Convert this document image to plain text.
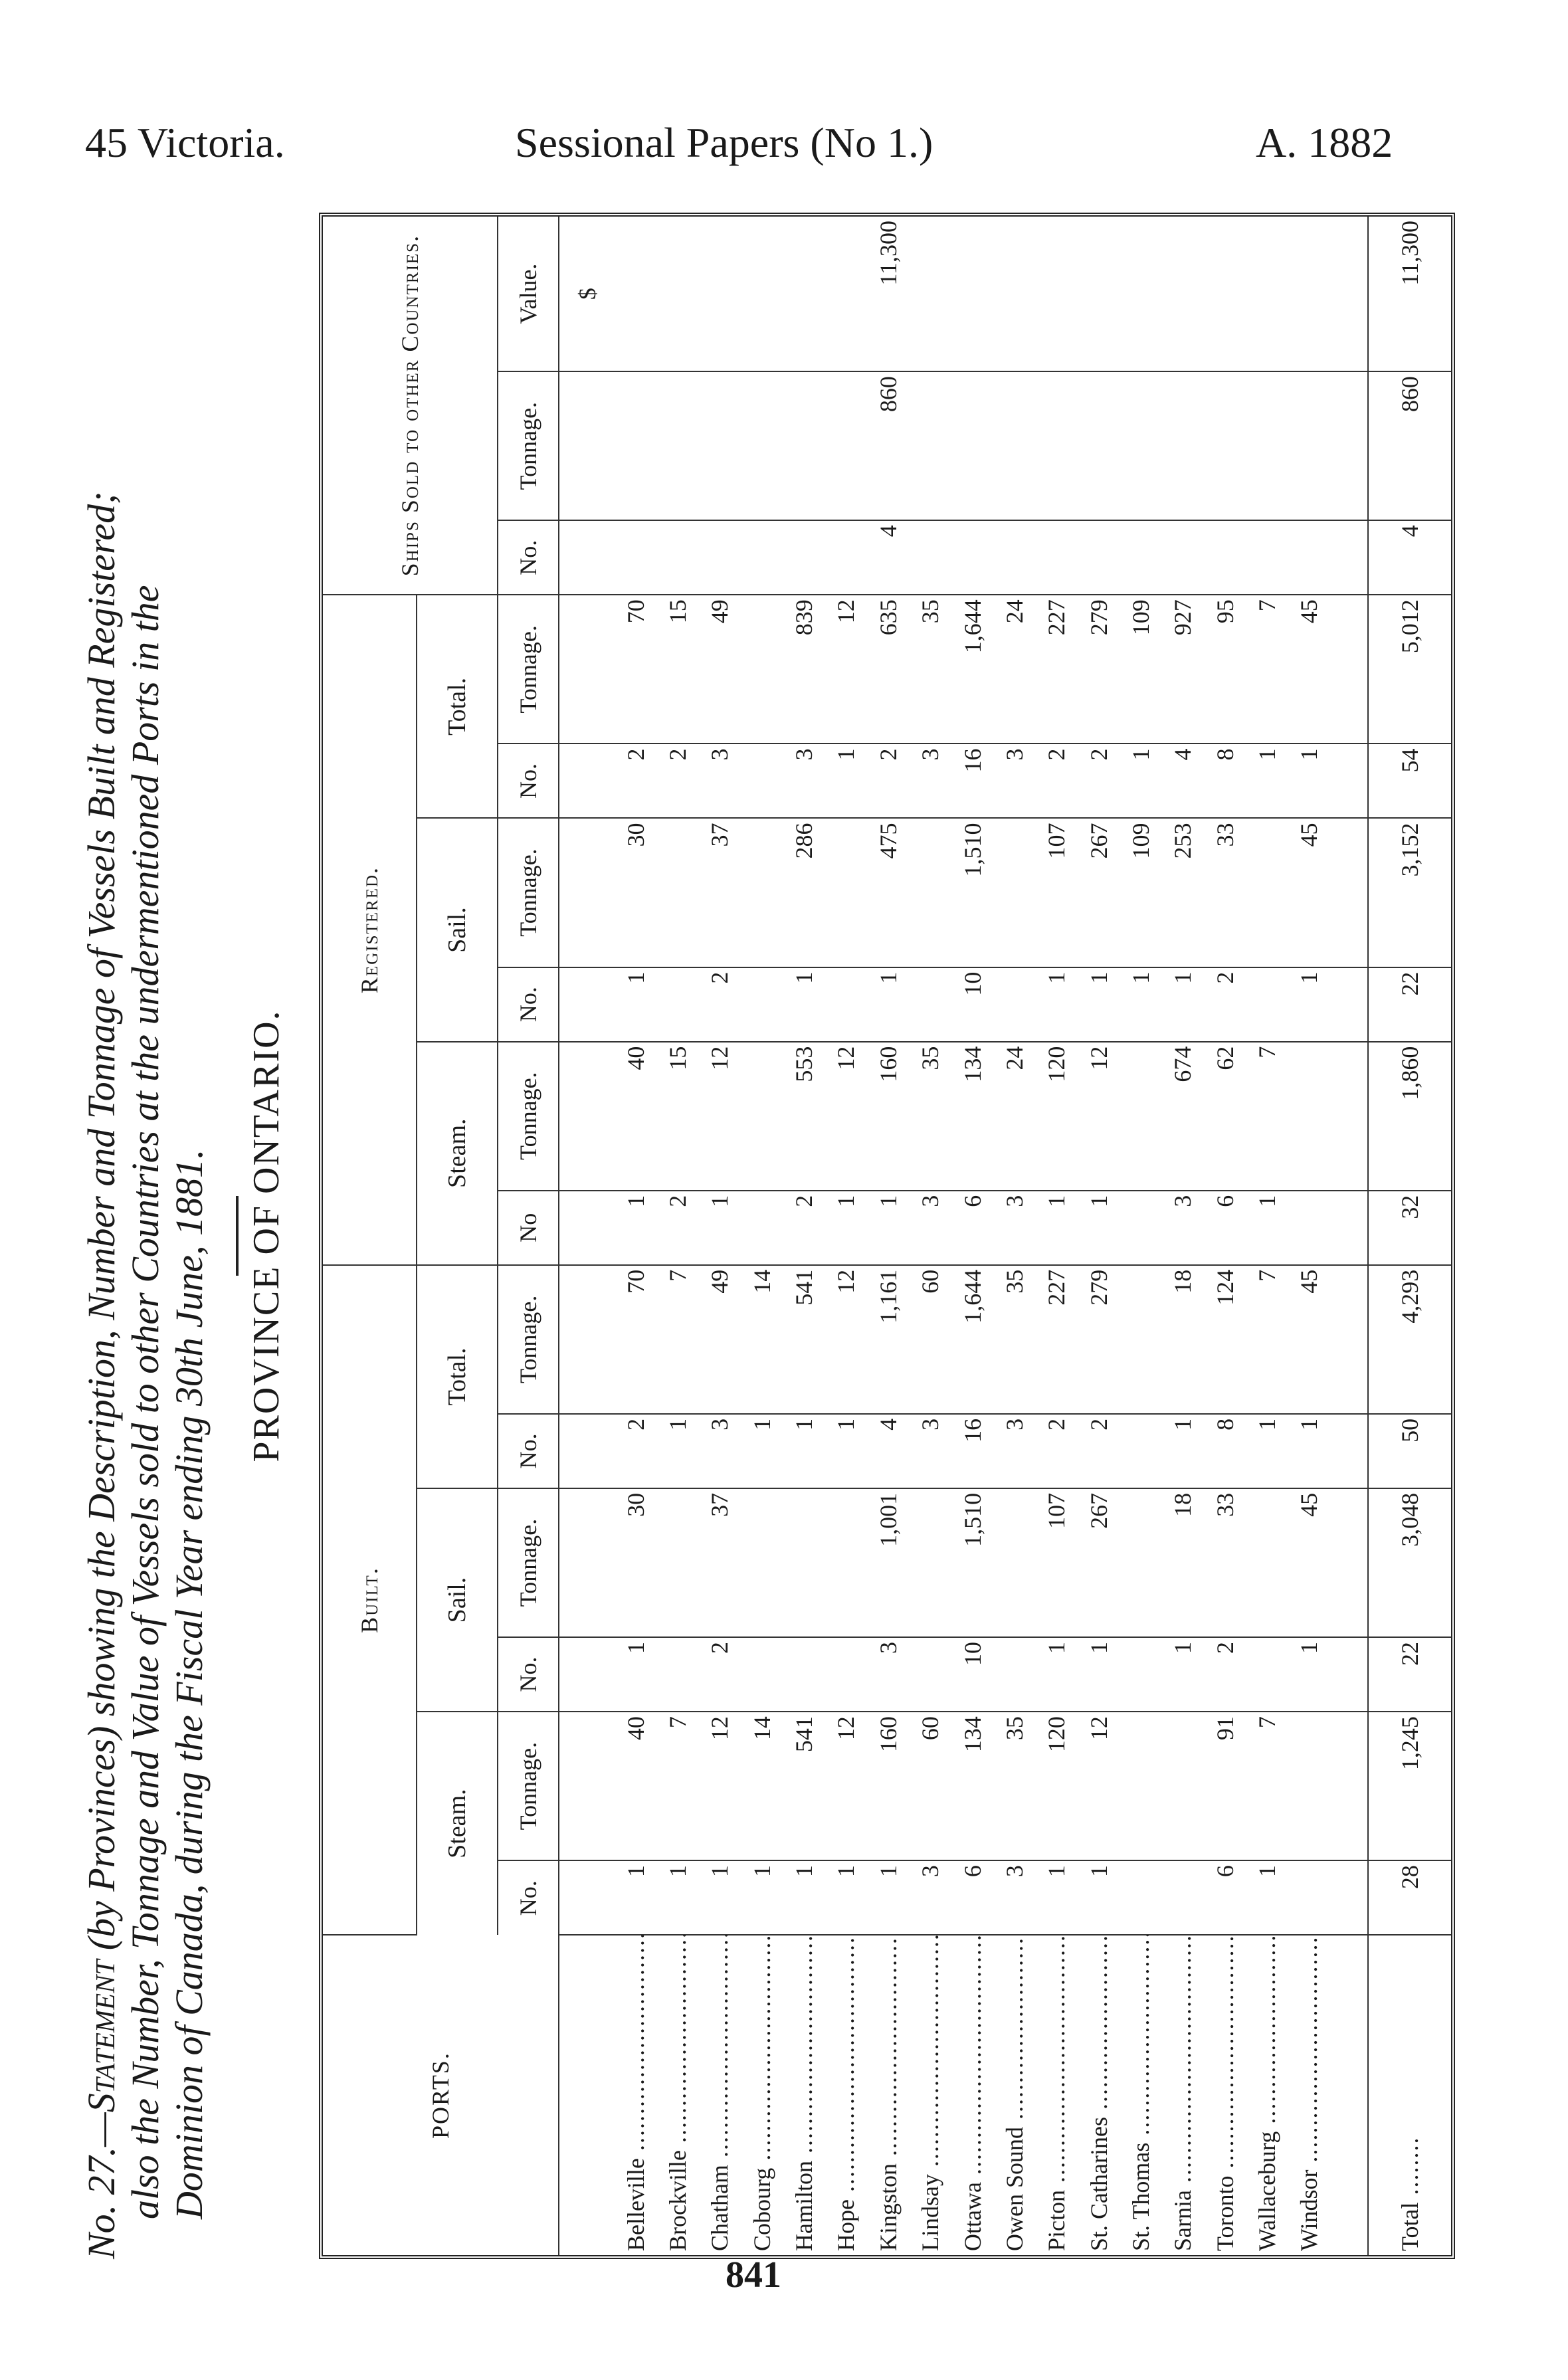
45 Victoria.	Sessional Papers (No 1.)	A. 1882
No. 27.—Statement (by Provinces) showing the Description, Number and Tonnage of Vessels Built and Registered; also the Number, Tonnage and Value of Vessels sold to other Countries at the undermentioned Ports in the Dominion of Canada, during the Fiscal Year ending 30th June, 1881. PROVINCE OF ONTARIO.
PORTS.	Built.						Registered.						Ships Sold to other Countries.		
	Steam.		Sail.		Total.		Steam.		Sail.		Total.				
	No.	Tonnage.	No.	Tonnage.	No.	Tonnage.	No	Tonnage.	No.	Tonnage.	No.	Tonnage.	No.	Tonnage.	Value.
															$
Belleville .....	1	40	1	30	2	70	1	40	1	30	2	70			
Brockville .....	1	7			1	7	2	15			2	15			
Chatham .....	1	12	2	37	3	49	1	12	2	37	3	49			
Cobourg .....	1	14			1	14									
Hamilton .....	1	541			1	541	2	553	1	286	3	839			
Hope .....	1	12			1	12	1	12			1	12			
Kingston .....	1	160	3	1,001	4	1,161	1	160	1	475	2	635	4	860	11,300
Lindsay .....	3	60			3	60	3	35			3	35			
Ottawa .....	6	134	10	1,510	16	1,644	6	134	10	1,510	16	1,644			
Owen Sound .....	3	35			3	35	3	24			3	24			
Picton .....	1	120	1	107	2	227	1	120	1	107	2	227			
St. Catharines .....	1	12	1	267	2	279	1	12	1	267	2	279			
St. Thomas .....									1	109	1	109			
Sarnia .....			1	18	1	18	3	674	1	253	4	927			
Toronto .....	6	91	2	33	8	124	6	62	2	33	8	95			
Wallaceburg .....	1	7			1	7	1	7			1	7			
Windsor .....			1	45	1	45			1	45	1	45			

Total .....	28	1,245	22	3,048	50	4,293	32	1,860	22	3,152	54	5,012	4	860	11,300
841
